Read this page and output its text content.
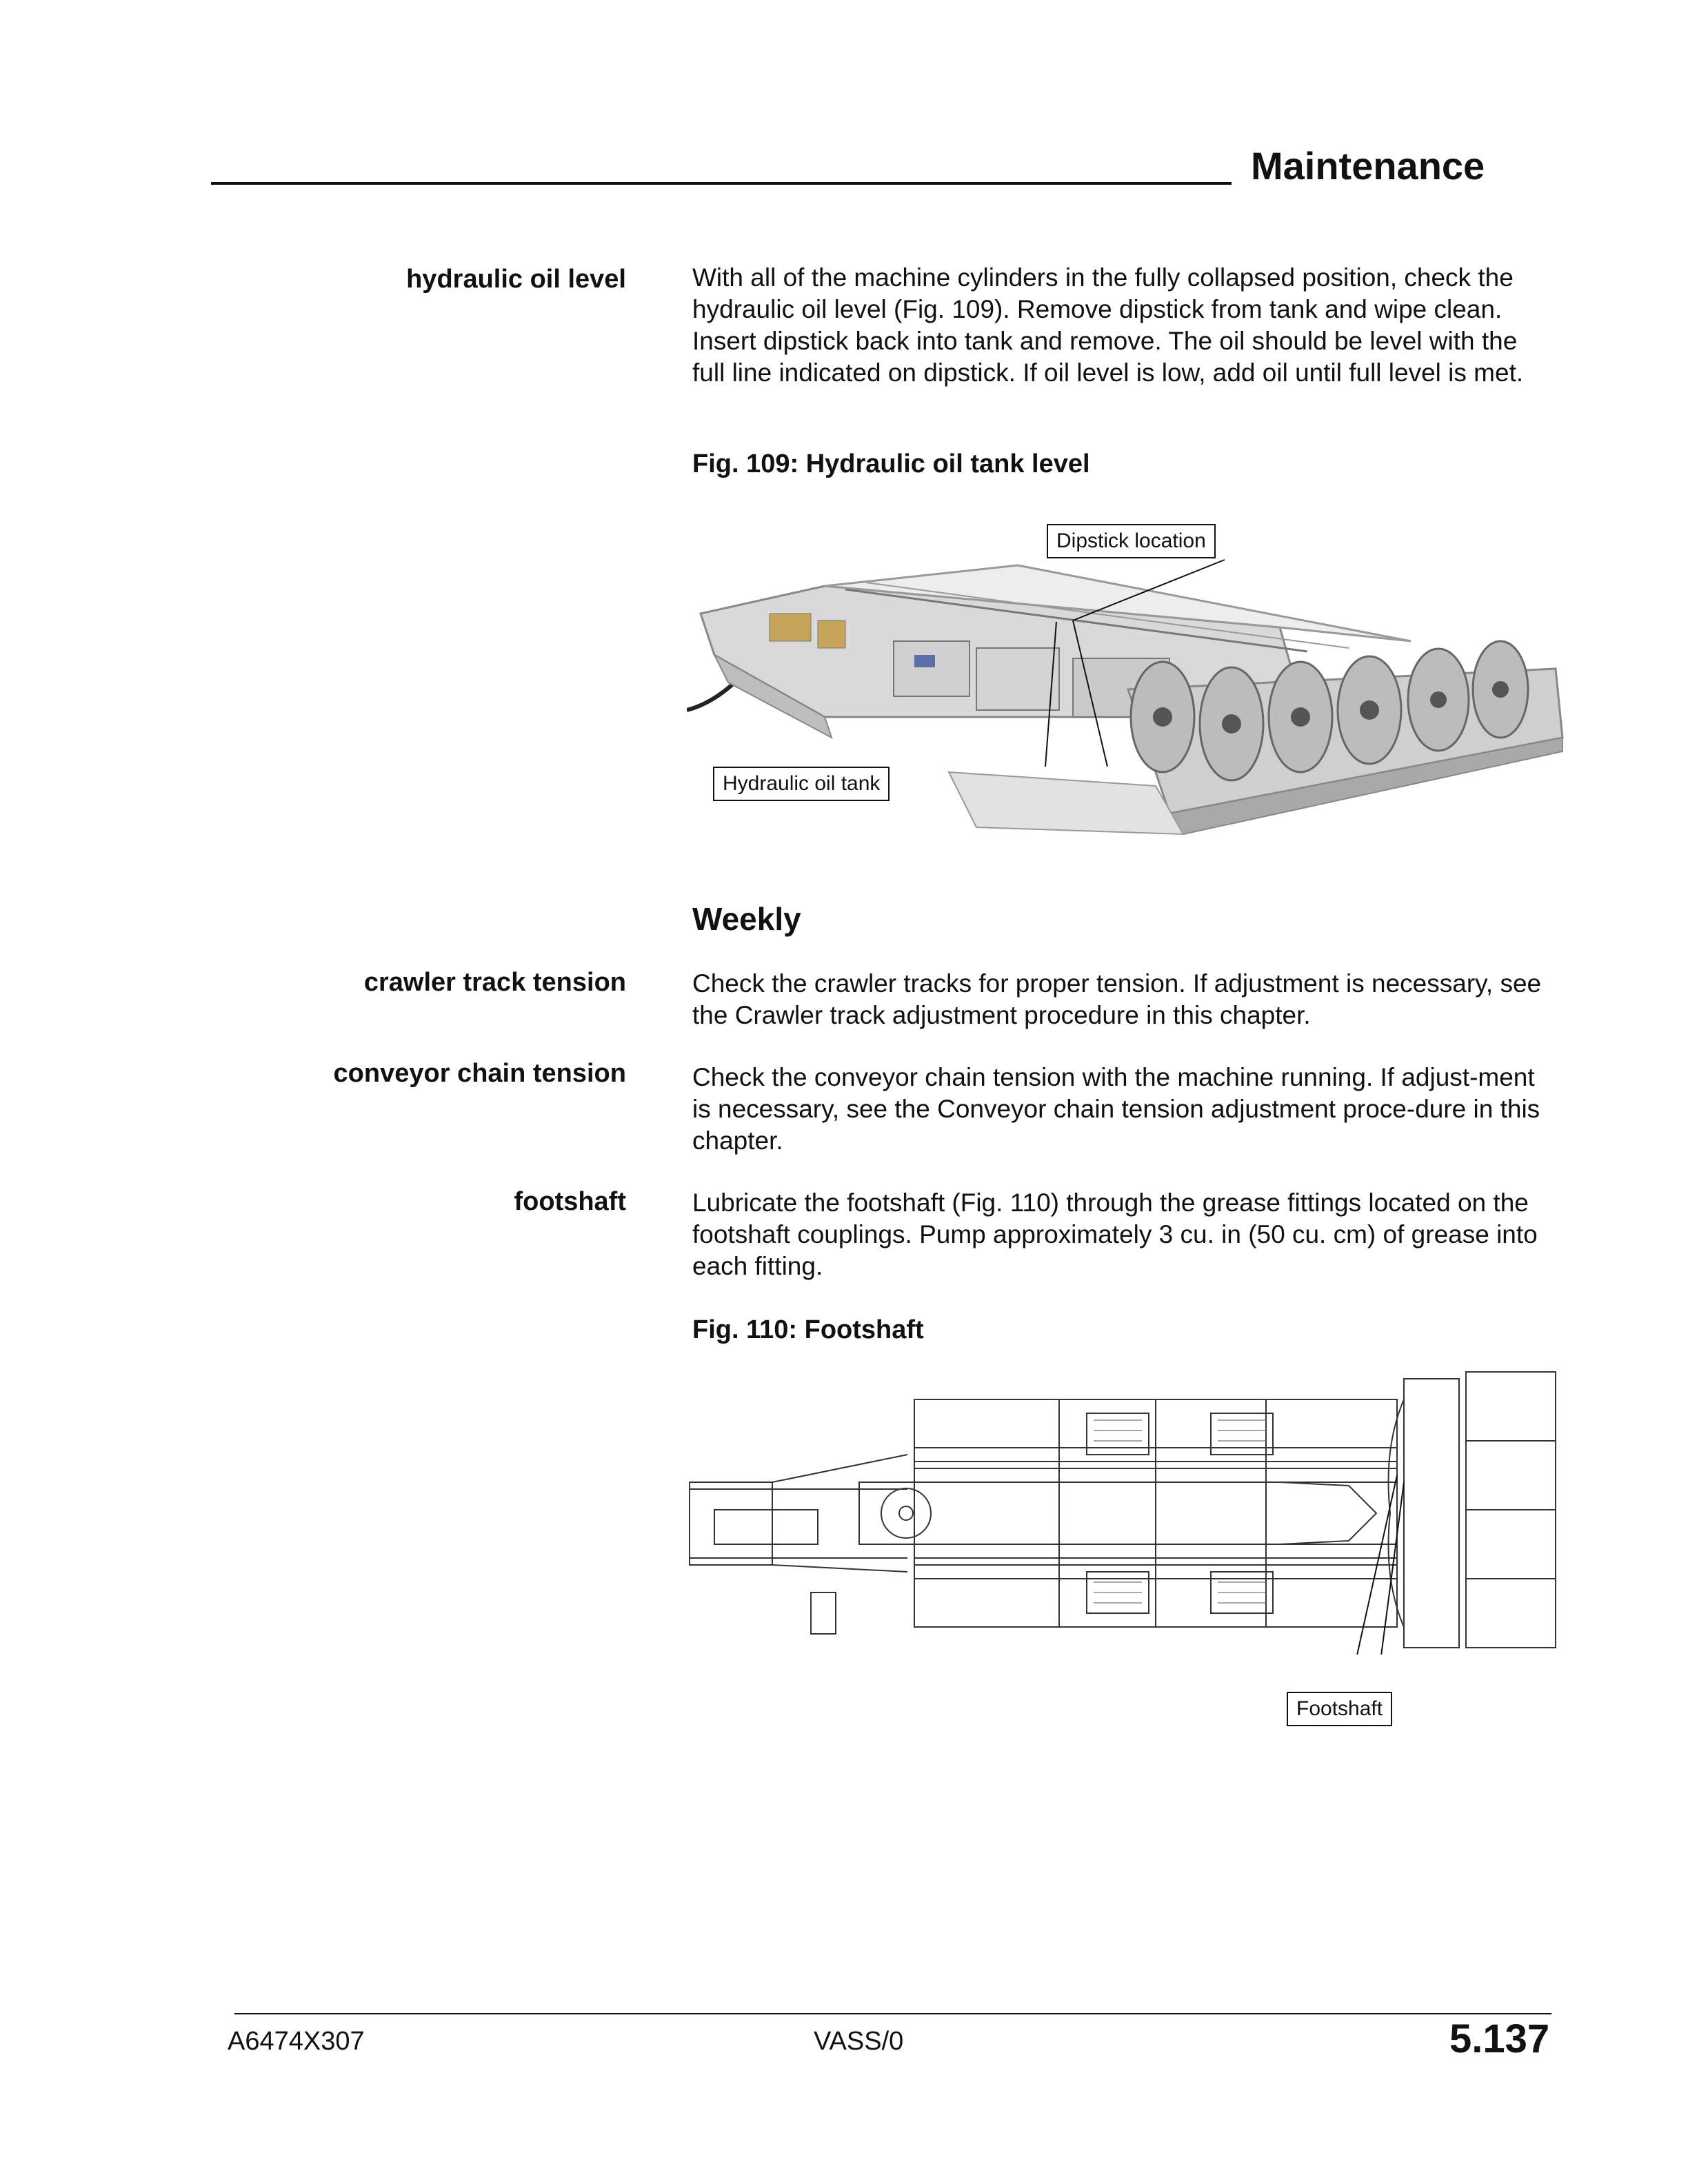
Maintenance
hydraulic oil level	With all of the machine cylinders in the fully collapsed position, check the hydraulic oil level (Fig. 109). Remove dipstick from tank and wipe clean. Insert dipstick back into tank and remove. The oil should be level with the full line indicated on dipstick. If oil level is low, add oil until full level is met.

Fig. 109: Hydraulic oil tank level
Dipstick location
Hydraulic oil tank
Weekly
crawler track tension	Check the crawler tracks for proper tension. If adjustment is necessary, see the Crawler track adjustment procedure in this chapter.

conveyor chain tension	Check the conveyor chain tension with the machine running. If adjust-ment is necessary, see the Conveyor chain tension adjustment proce-dure in this chapter.

footshaft	Lubricate the footshaft (Fig. 110) through the grease fittings located on the footshaft couplings. Pump approximately 3 cu. in (50 cu. cm) of grease into each fitting.

Fig. 110: Footshaft
Footshaft
A6474X307	VASS/0	5.137
